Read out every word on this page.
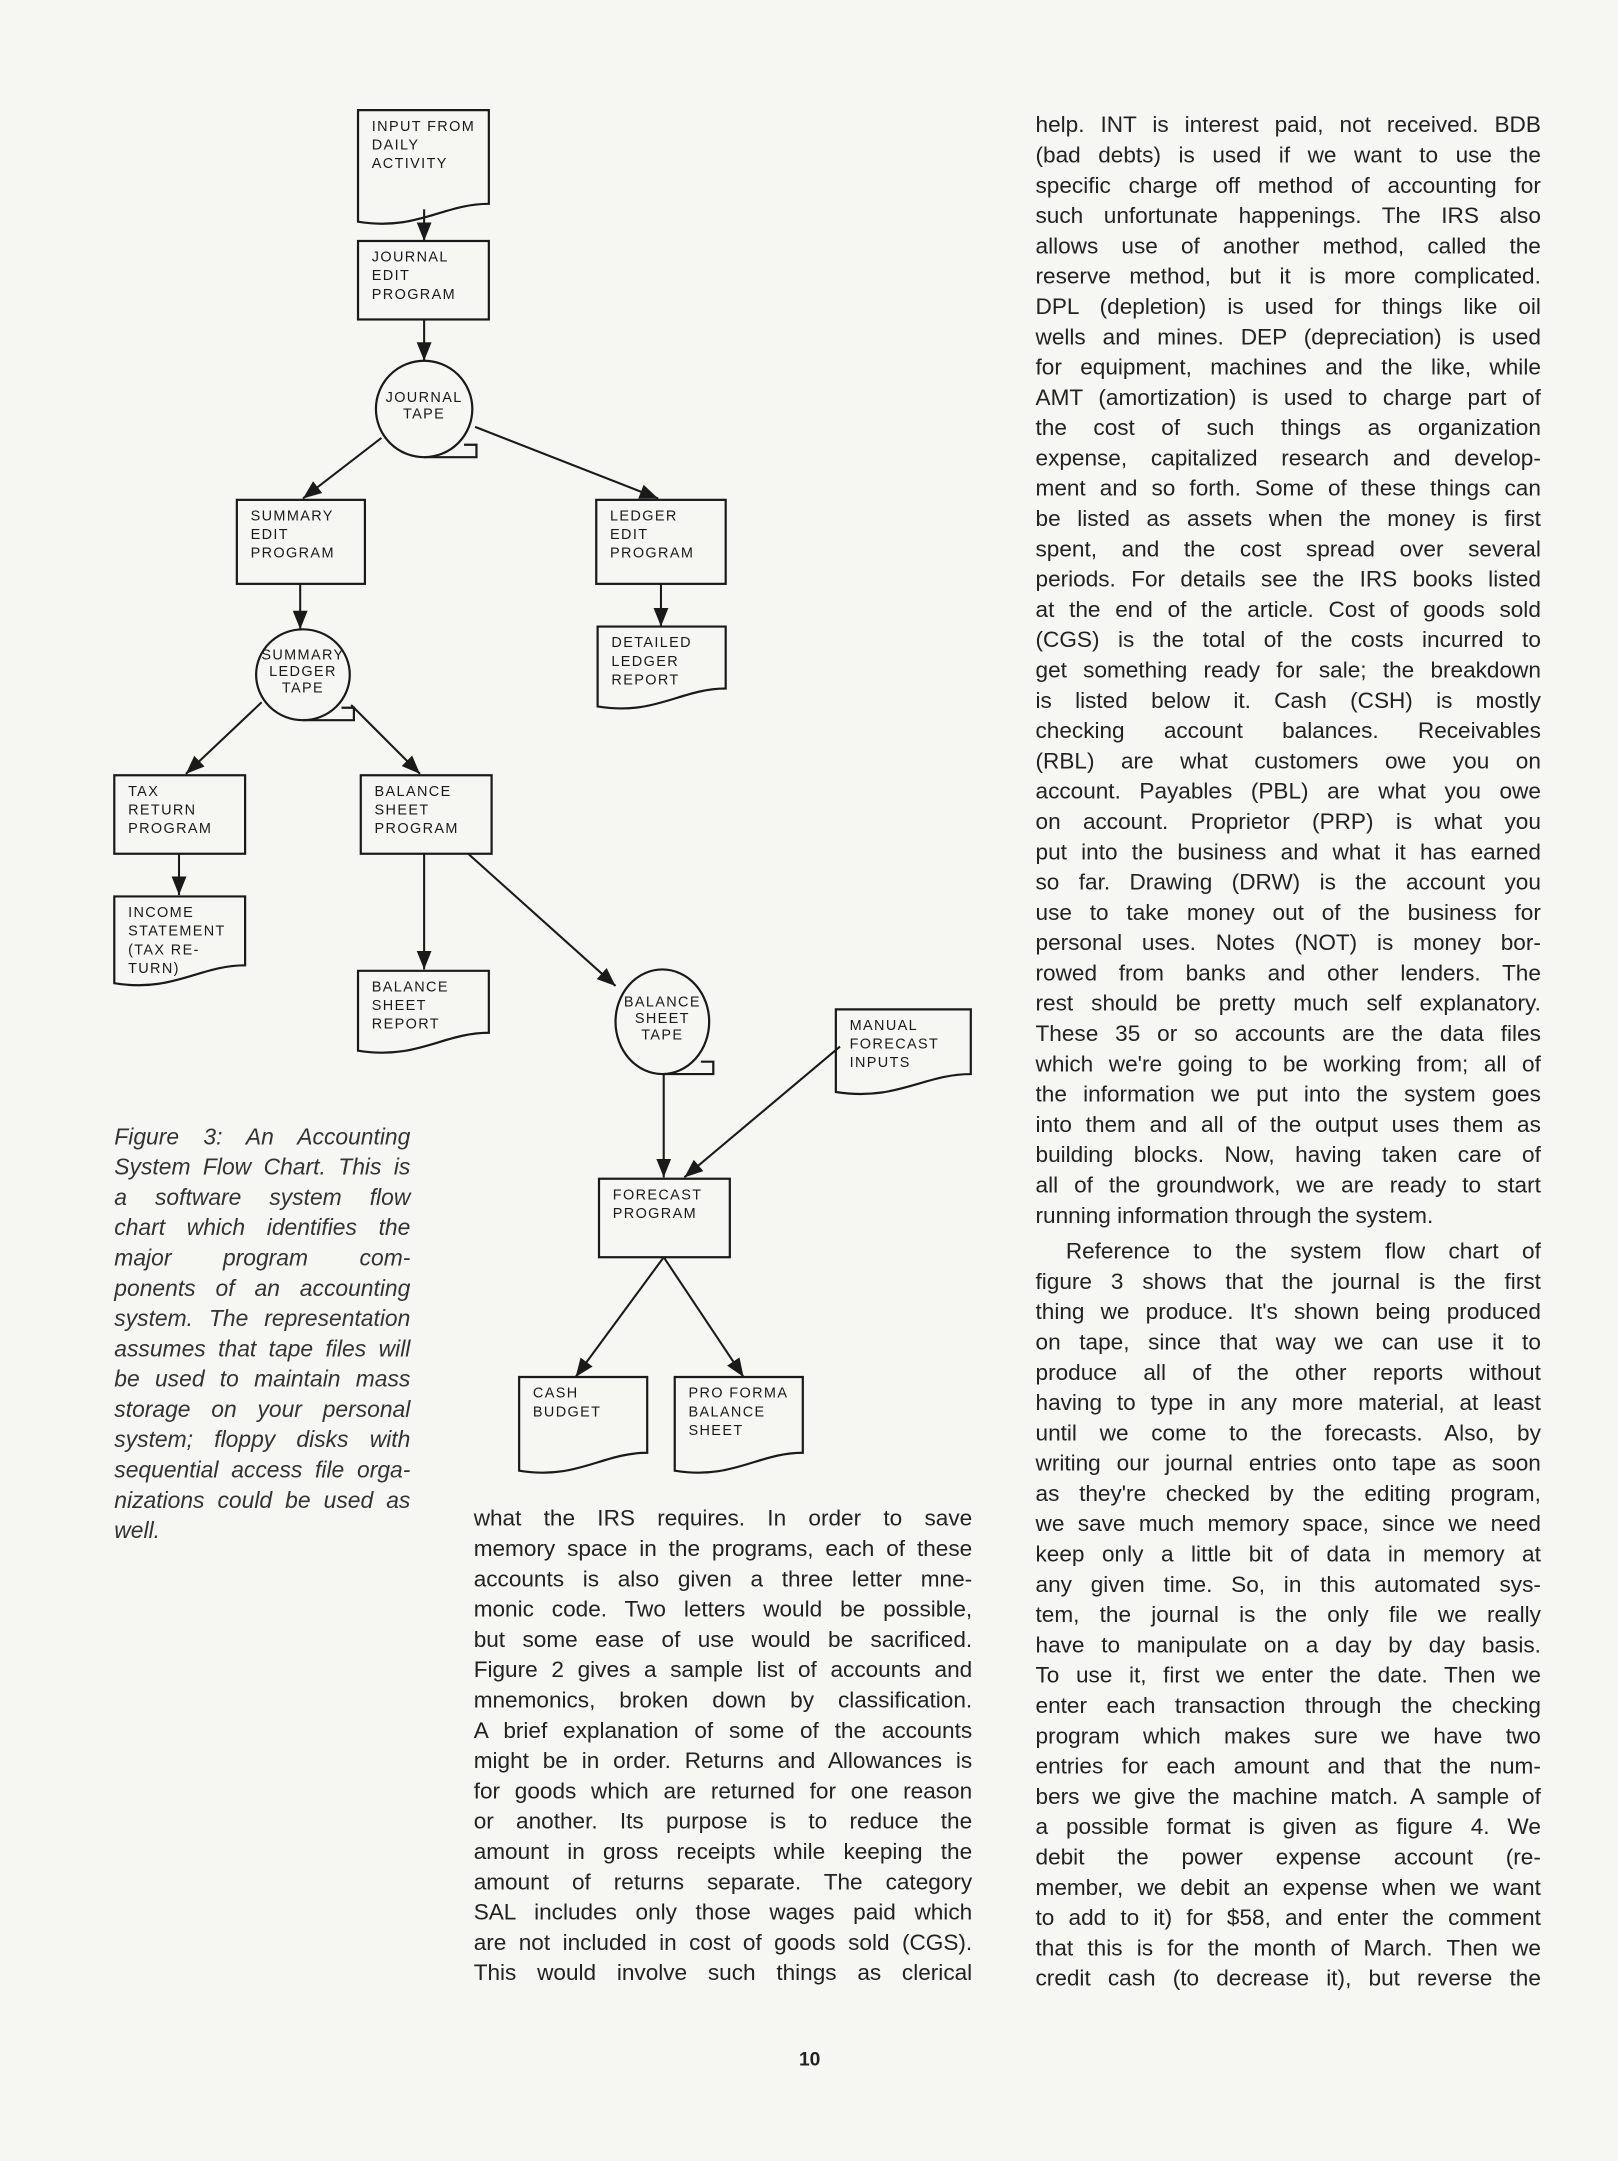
INPUT FROM
DAILY
ACTIVITY
JOURNAL
EDIT
PROGRAM
JOURNAL
TAPE
SUMMARY
EDIT
PROGRAM
LEDGER
EDIT
PROGRAM
DETAILED
LEDGER
REPORT
SUMMARY
LEDGER
TAPE
TAX
RETURN
PROGRAM
INCOME
STATEMENT
(TAX RE-
TURN)
BALANCE
SHEET
PROGRAM
BALANCE
SHEET
REPORT
BALANCE
SHEET
TAPE
MANUAL
FORECAST
INPUTS
FORECAST
PROGRAM
CASH
BUDGET
PRO FORMA
BALANCE
SHEET
Figure 3: An Accounting
System Flow Chart. This is
a software system flow
chart which identifies the
major program com-
ponents of an accounting
system. The representation
assumes that tape files will
be used to maintain mass
storage on your personal
system; floppy disks with
sequential access file orga-
nizations could be used as
well.	what the IRS requires. In order to save
memory space in the programs, each of these
accounts is also given a three letter mne-
monic code. Two letters would be possible,
but some ease of use would be sacrificed.
Figure 2 gives a sample list of accounts and
mnemonics, broken down by classification.
A brief explanation of some of the accounts
might be in order. Returns and Allowances is
for goods which are returned for one reason
or another. Its purpose is to reduce the
amount in gross receipts while keeping the
amount of returns separate. The category
SAL includes only those wages paid which
are not included in cost of goods sold (CGS).
This would involve such things as clerical
help. INT is interest paid, not received. BDB
(bad debts) is used if we want to use the
specific charge off method of accounting for
such unfortunate happenings. The IRS also
allows use of another method, called the
reserve method, but it is more complicated.
DPL (depletion) is used for things like oil
wells and mines. DEP (depreciation) is used
for equipment, machines and the like, while
AMT (amortization) is used to charge part of
the cost of such things as organization
expense, capitalized research and develop-
ment and so forth. Some of these things can
be listed as assets when the money is first
spent, and the cost spread over several
periods. For details see the IRS books listed
at the end of the article. Cost of goods sold
(CGS) is the total of the costs incurred to
get something ready for sale; the breakdown
is listed below it. Cash (CSH) is mostly
checking account balances. Receivables
(RBL) are what customers owe you on
account. Payables (PBL) are what you owe
on account. Proprietor (PRP) is what you
put into the business and what it has earned
so far. Drawing (DRW) is the account you
use to take money out of the business for
personal uses. Notes (NOT) is money bor-
rowed from banks and other lenders. The
rest should be pretty much self explanatory.
These 35 or so accounts are the data files
which we're going to be working from; all of
the information we put into the system goes
into them and all of the output uses them as
building blocks. Now, having taken care of
all of the groundwork, we are ready to start
running information through the system.
Reference to the system flow chart of
figure 3 shows that the journal is the first
thing we produce. It's shown being produced
on tape, since that way we can use it to
produce all of the other reports without
having to type in any more material, at least
until we come to the forecasts. Also, by
writing our journal entries onto tape as soon
as they're checked by the editing program,
we save much memory space, since we need
keep only a little bit of data in memory at
any given time. So, in this automated sys-
tem, the journal is the only file we really
have to manipulate on a day by day basis.
To use it, first we enter the date. Then we
enter each transaction through the checking
program which makes sure we have two
entries for each amount and that the num-
bers we give the machine match. A sample of
a possible format is given as figure 4. We
debit the power expense account (re-
member, we debit an expense when we want
to add to it) for $58, and enter the comment
that this is for the month of March. Then we
credit cash (to decrease it), but reverse the
10
